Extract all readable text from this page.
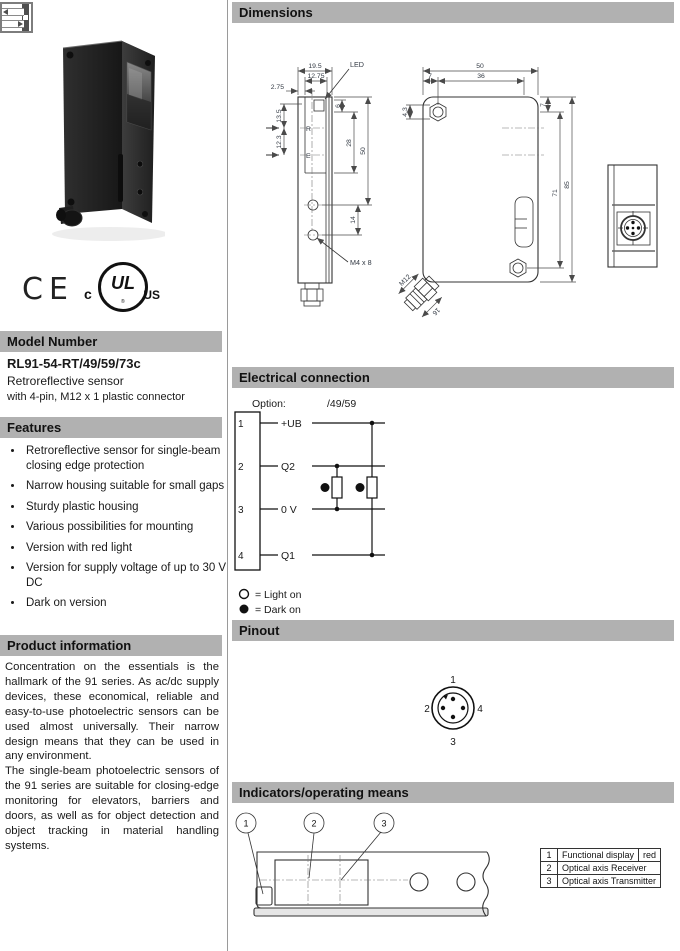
CE c
UL
® US
Model Number
RL91-54-RT/49/59/73c
Retroreflective sensor
with 4-pin, M12 x 1 plastic connector
Features
• Retroreflective sensor for single-beam closing edge protection
• Narrow housing suitable for small gaps
• Sturdy plastic housing
• Various possibilities for mounting
• Version with red light
• Version for supply voltage of up to 30 V DC
• Dark on version
Product information

Concentration on the essentials is the hallmark of the 91 series. As ac/dc supply devices, these economical, reliable and easy-to-use photoelectric sensors can be used almost universally. Their narrow design means that they can be used in any environment.

The single-beam photoelectric sensors of the 91 series are suitable for closing-edge monitoring for elevators, barriers and doors, as well as for object detection and object tracking in material handling systems.

Dimensions
R
E
19.5
12.75
2.75
LED
13.5
12.3
6
28
50
14
M4 x 8
50
7	36
4.3
7
71
85
M12
16
Electrical connection
Option:	/49/59
1
2
3
4
+UB
Q2
0 V
Q1
= Light on
= Dark on
Pinout
1
2	4
3
Indicators/operating means
1	2	3
1	Functional display	red
2	Optical axis Receiver	
3	Optical axis Transmitter	
